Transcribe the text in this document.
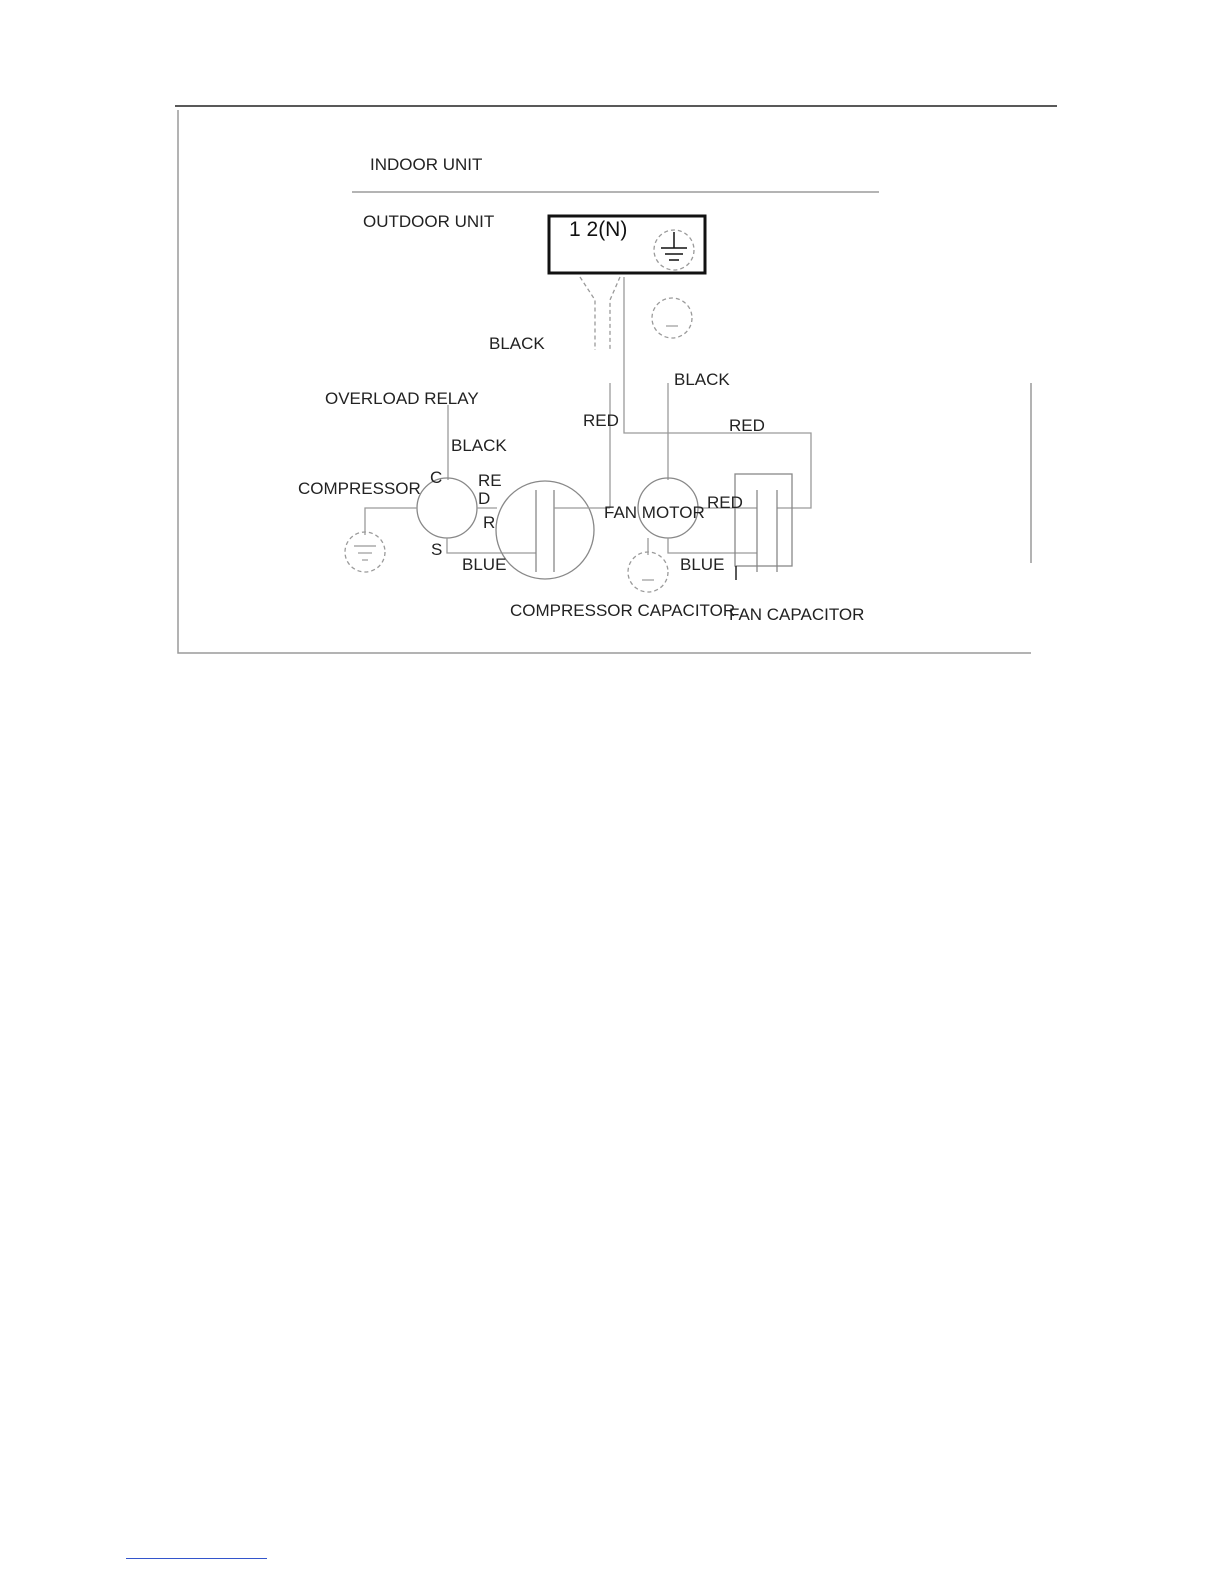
INDOOR UNIT
OUTDOOR UNIT	1 2(N)
BLACK
BLACK
OVERLOAD RELAY
RED	RED
BLACK
C RE
D
COMPRESSOR
R
FAN MOTOR
RED
S
BLUE	BLUE
COMPRESSOR CAPACITOR
FAN CAPACITOR
